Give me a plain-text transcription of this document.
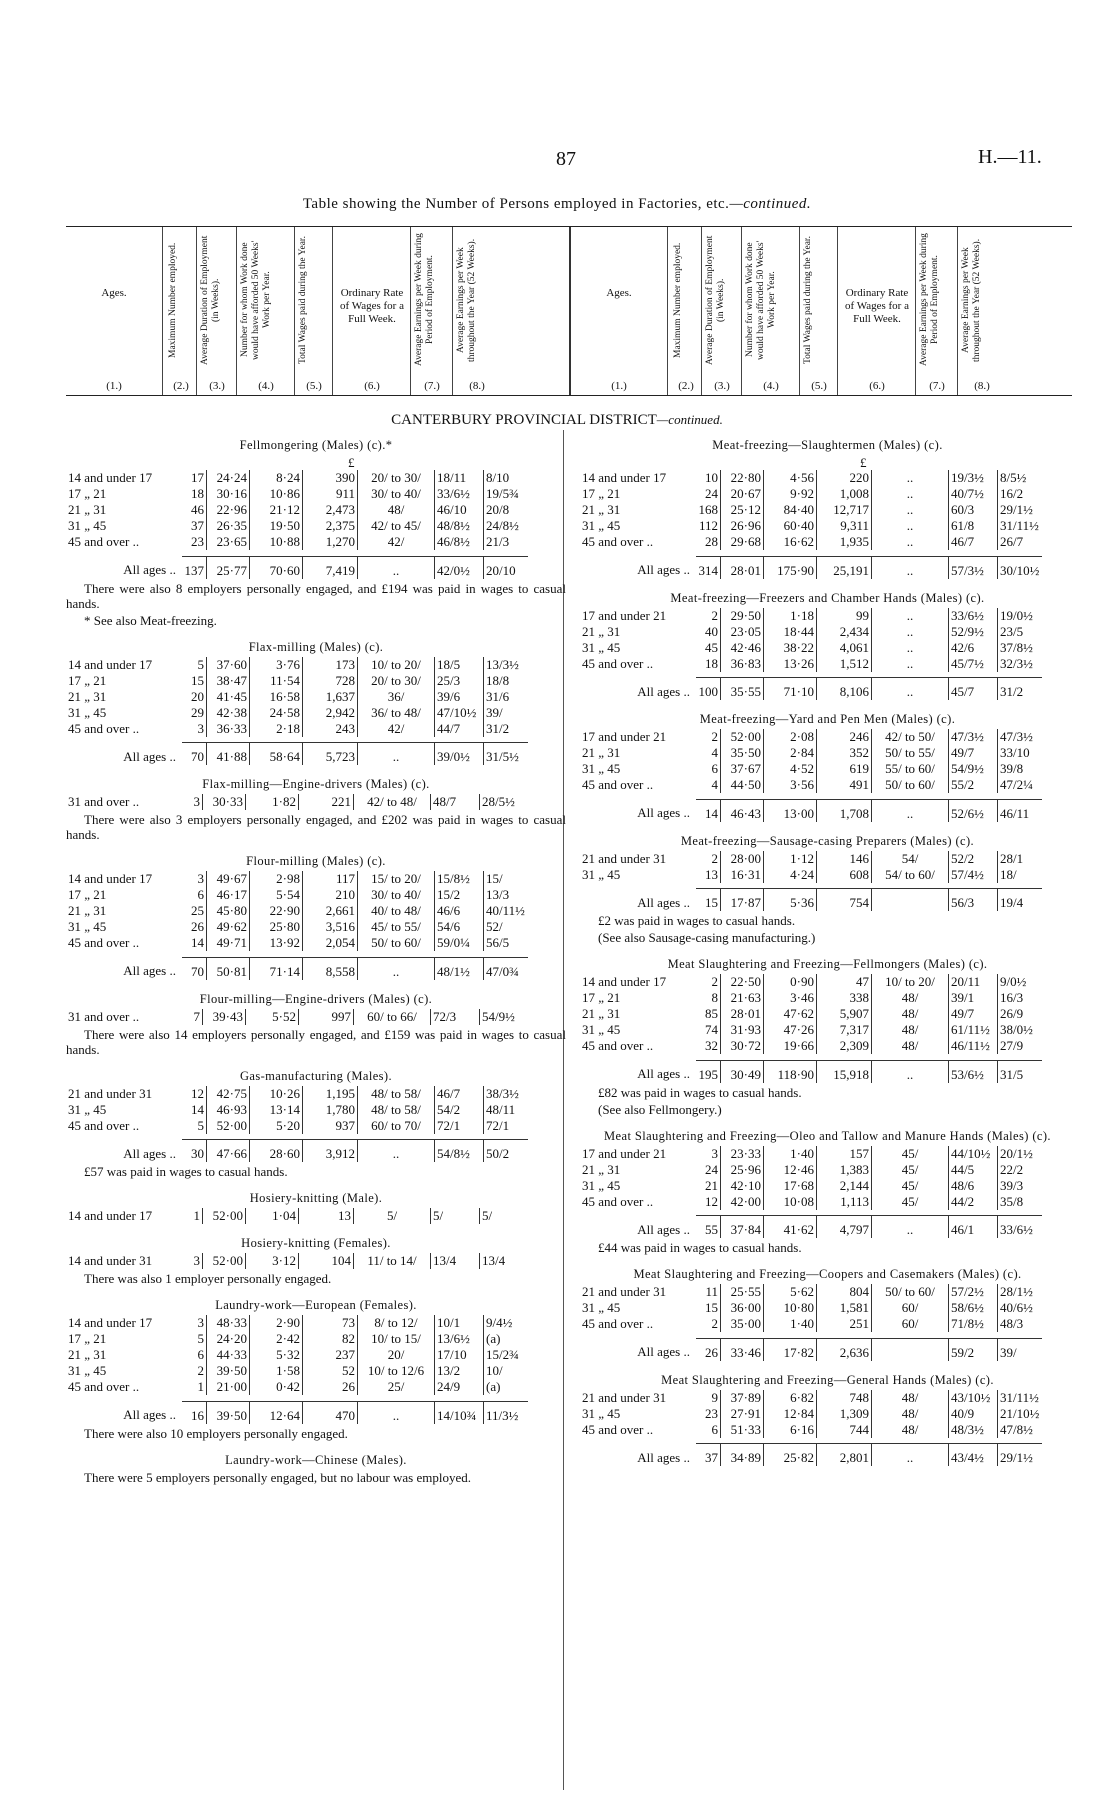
87	H.—11.
Table showing the Number of Persons employed in Factories, etc.—continued.
Ages.
(1.)
Maximum Number employed.
(2.)
Average Duration of Employment (in Weeks).
(3.)
Number for whom Work done would have afforded 50 Weeks' Work per Year.
(4.)
Total Wages paid during the Year.
(5.)
Ordinary Rate of Wages for a Full Week.
(6.)
Average Earnings per Week during Period of Employment.
(7.)
Average Earnings per Week throughout the Year (52 Weeks).
(8.)
Ages.
(1.)
Maximum Number employed.
(2.)
Average Duration of Employment (in Weeks).
(3.)
Number for whom Work done would have afforded 50 Weeks' Work per Year.
(4.)
Total Wages paid during the Year.
(5.)
Ordinary Rate of Wages for a Full Week.
(6.)
Average Earnings per Week during Period of Employment.
(7.)
Average Earnings per Week throughout the Year (52 Weeks).
(8.)
CANTERBURY PROVINCIAL DISTRICT—continued.
Fellmongering (Males) (c).*
£
14 and under 17	17	24·24	8·24	390	20/ to 30/	18/11	8/10
17 „ 21	18	30·16	10·86	911	30/ to 40/	33/6½	19/5¾
21 „ 31	46	22·96	21·12	2,473	48/	46/10	20/8
31 „ 45	37	26·35	19·50	2,375	42/ to 45/	48/8½	24/8½
45 and over ..	23	23·65	10·88	1,270	42/	46/8½	21/3

All ages ..	137	25·77	70·60	7,419	..	42/0½	20/10

There were also 8 employers personally engaged, and £194 was paid in wages to casual hands.

* See also Meat-freezing.

Flax-milling (Males) (c).
14 and under 17	5	37·60	3·76	173	10/ to 20/	18/5	13/3½
17 „ 21	15	38·47	11·54	728	20/ to 30/	25/3	18/8
21 „ 31	20	41·45	16·58	1,637	36/	39/6	31/6
31 „ 45	29	42·38	24·58	2,942	36/ to 48/	47/10½	39/
45 and over ..	3	36·33	2·18	243	42/	44/7	31/2

All ages ..	70	41·88	58·64	5,723	..	39/0½	31/5½
Flax-milling—Engine-drivers (Males) (c).
31 and over ..	3	30·33	1·82	221	42/ to 48/	48/7	28/5½

There were also 3 employers personally engaged, and £202 was paid in wages to casual hands.

Flour-milling (Males) (c).
14 and under 17	3	49·67	2·98	117	15/ to 20/	15/8½	15/
17 „ 21	6	46·17	5·54	210	30/ to 40/	15/2	13/3
21 „ 31	25	45·80	22·90	2,661	40/ to 48/	46/6	40/11½
31 „ 45	26	49·62	25·80	3,516	45/ to 55/	54/6	52/
45 and over ..	14	49·71	13·92	2,054	50/ to 60/	59/0¼	56/5

All ages ..	70	50·81	71·14	8,558	..	48/1½	47/0¾
Flour-milling—Engine-drivers (Males) (c).
31 and over ..	7	39·43	5·52	997	60/ to 66/	72/3	54/9½

There were also 14 employers personally engaged, and £159 was paid in wages to casual hands.

Gas-manufacturing (Males).
21 and under 31	12	42·75	10·26	1,195	48/ to 58/	46/7	38/3½
31 „ 45	14	46·93	13·14	1,780	48/ to 58/	54/2	48/11
45 and over ..	5	52·00	5·20	937	60/ to 70/	72/1	72/1

All ages ..	30	47·66	28·60	3,912	..	54/8½	50/2

£57 was paid in wages to casual hands.

Hosiery-knitting (Male).
14 and under 17	1	52·00	1·04	13	5/	5/	5/
Hosiery-knitting (Females).
14 and under 31	3	52·00	3·12	104	11/ to 14/	13/4	13/4

There was also 1 employer personally engaged.

Laundry-work—European (Females).
14 and under 17	3	48·33	2·90	73	8/ to 12/	10/1	9/4½
17 „ 21	5	24·20	2·42	82	10/ to 15/	13/6½	(a)
21 „ 31	6	44·33	5·32	237	20/	17/10	15/2¾
31 „ 45	2	39·50	1·58	52	10/ to 12/6	13/2	10/
45 and over ..	1	21·00	0·42	26	25/	24/9	(a)

All ages ..	16	39·50	12·64	470	..	14/10¾	11/3½

There were also 10 employers personally engaged.

Laundry-work—Chinese (Males).

There were 5 employers personally engaged, but no labour was employed.

Meat-freezing—Slaughtermen (Males) (c).
£
14 and under 17	10	22·80	4·56	220	..	19/3½	8/5½
17 „ 21	24	20·67	9·92	1,008	..	40/7½	16/2
21 „ 31	168	25·12	84·40	12,717	..	60/3	29/1½
31 „ 45	112	26·96	60·40	9,311	..	61/8	31/11½
45 and over ..	28	29·68	16·62	1,935	..	46/7	26/7

All ages ..	314	28·01	175·90	25,191	..	57/3½	30/10½
Meat-freezing—Freezers and Chamber Hands (Males) (c).
17 and under 21	2	29·50	1·18	99	..	33/6½	19/0½
21 „ 31	40	23·05	18·44	2,434	..	52/9½	23/5
31 „ 45	45	42·46	38·22	4,061	..	42/6	37/8½
45 and over ..	18	36·83	13·26	1,512	..	45/7½	32/3½

All ages ..	100	35·55	71·10	8,106	..	45/7	31/2
Meat-freezing—Yard and Pen Men (Males) (c).
17 and under 21	2	52·00	2·08	246	42/ to 50/	47/3½	47/3½
21 „ 31	4	35·50	2·84	352	50/ to 55/	49/7	33/10
31 „ 45	6	37·67	4·52	619	55/ to 60/	54/9½	39/8
45 and over ..	4	44·50	3·56	491	50/ to 60/	55/2	47/2¼

All ages ..	14	46·43	13·00	1,708	..	52/6½	46/11
Meat-freezing—Sausage-casing Preparers (Males) (c).
21 and under 31	2	28·00	1·12	146	54/	52/2	28/1
31 „ 45	13	16·31	4·24	608	54/ to 60/	57/4½	18/

All ages ..	15	17·87	5·36	754		56/3	19/4

£2 was paid in wages to casual hands.

(See also Sausage-casing manufacturing.)

Meat Slaughtering and Freezing—Fellmongers (Males) (c).
14 and under 17	2	22·50	0·90	47	10/ to 20/	20/11	9/0½
17 „ 21	8	21·63	3·46	338	48/	39/1	16/3
21 „ 31	85	28·01	47·62	5,907	48/	49/7	26/9
31 „ 45	74	31·93	47·26	7,317	48/	61/11½	38/0½
45 and over ..	32	30·72	19·66	2,309	48/	46/11½	27/9

All ages ..	195	30·49	118·90	15,918	..	53/6½	31/5

£82 was paid in wages to casual hands.

(See also Fellmongery.)

Meat Slaughtering and Freezing—Oleo and Tallow and Manure Hands (Males) (c).
17 and under 21	3	23·33	1·40	157	45/	44/10½	20/1½
21 „ 31	24	25·96	12·46	1,383	45/	44/5	22/2
31 „ 45	21	42·10	17·68	2,144	45/	48/6	39/3
45 and over ..	12	42·00	10·08	1,113	45/	44/2	35/8

All ages ..	55	37·84	41·62	4,797	..	46/1	33/6½

£44 was paid in wages to casual hands.

Meat Slaughtering and Freezing—Coopers and Casemakers (Males) (c).
21 and under 31	11	25·55	5·62	804	50/ to 60/	57/2½	28/1½
31 „ 45	15	36·00	10·80	1,581	60/	58/6½	40/6½
45 and over ..	2	35·00	1·40	251	60/	71/8½	48/3

All ages ..	26	33·46	17·82	2,636		59/2	39/
Meat Slaughtering and Freezing—General Hands (Males) (c).
21 and under 31	9	37·89	6·82	748	48/	43/10½	31/11½
31 „ 45	23	27·91	12·84	1,309	48/	40/9	21/10½
45 and over ..	6	51·33	6·16	744	48/	48/3½	47/8½

All ages ..	37	34·89	25·82	2,801	..	43/4½	29/1½
